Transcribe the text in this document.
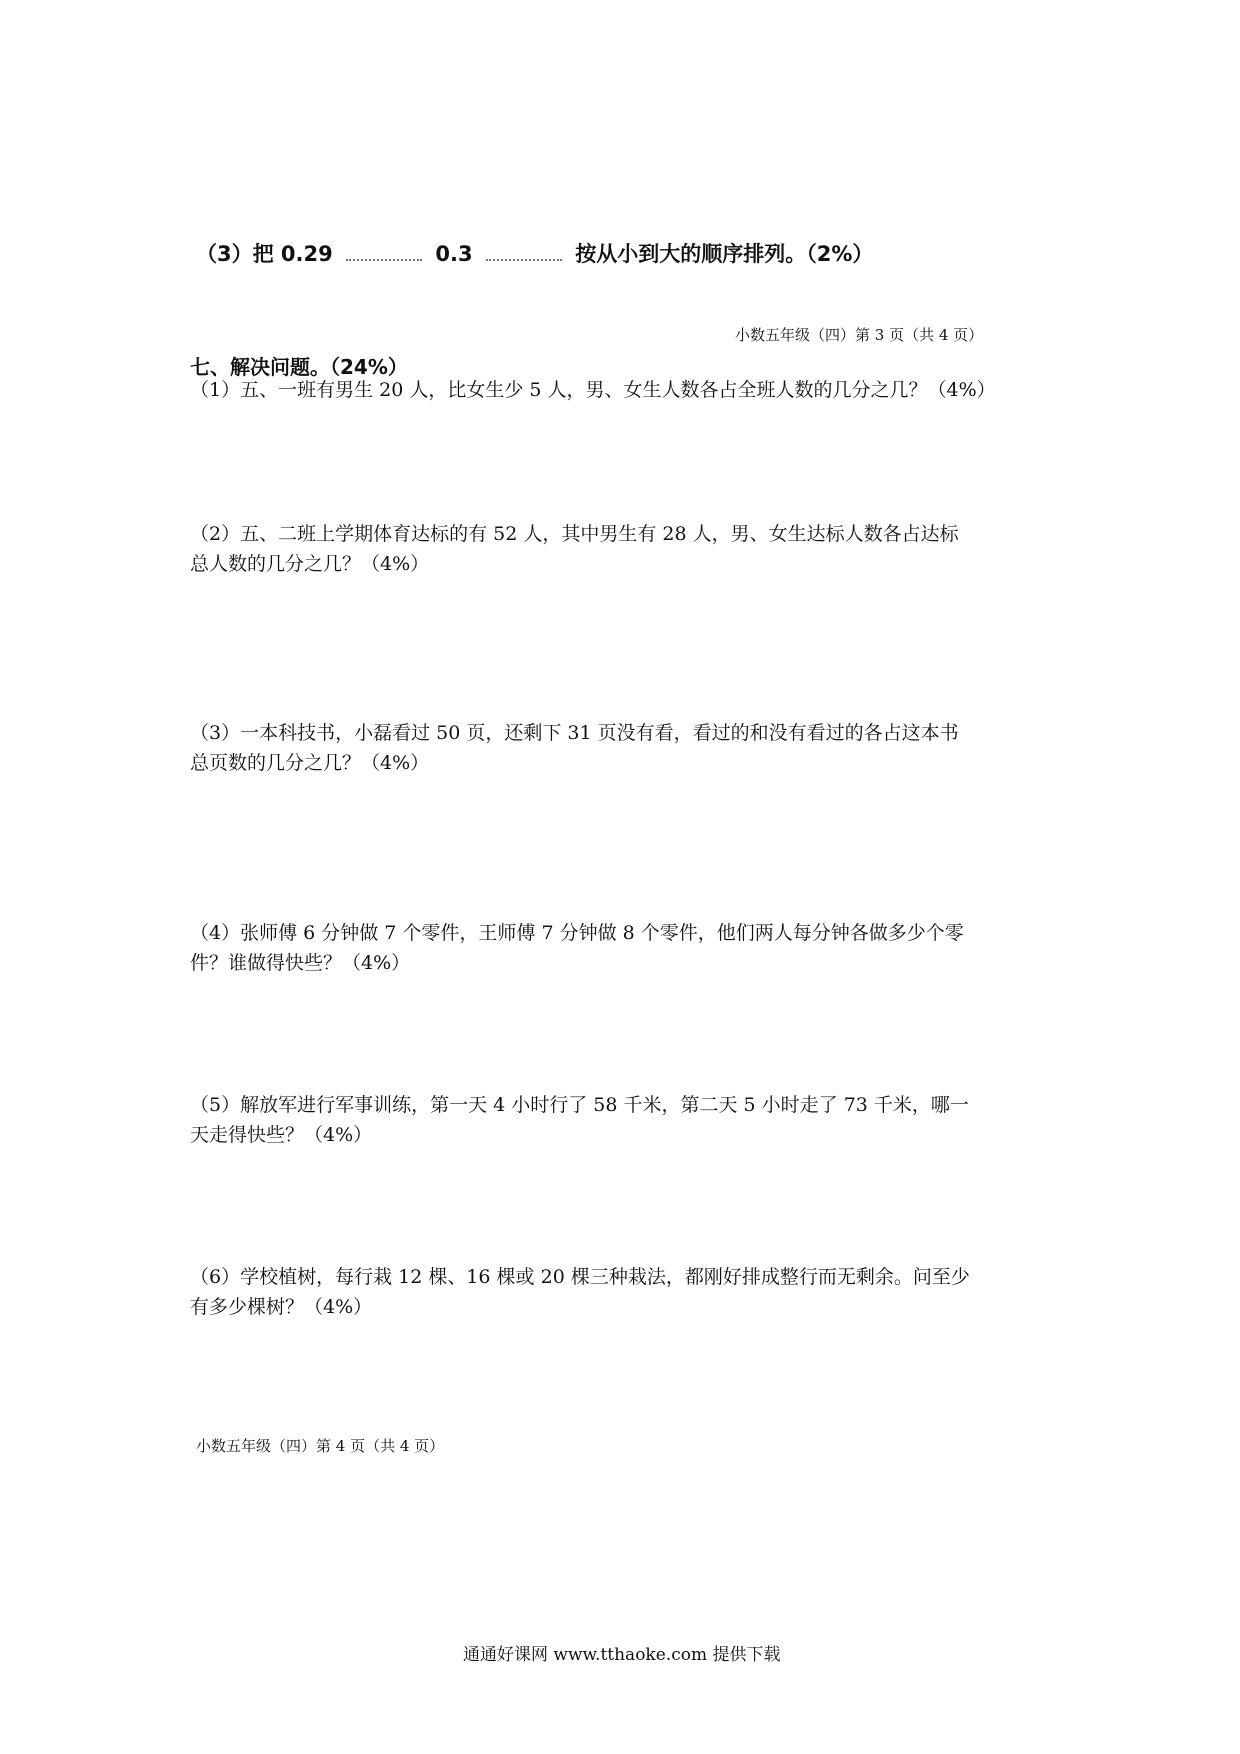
（3）把 0.29	0.3	按从小到大的顺序排列。（2%）
小数五年级（四）第 3 页（共 4 页）
七、解决问题。（24%）
（1）五、一班有男生 20 人，比女生少 5 人，男、女生人数各占全班人数的几分之几？（4%）
（2）五、二班上学期体育达标的有 52 人，其中男生有 28 人，男、女生达标人数各占达标
总人数的几分之几？（4%）
（3）一本科技书，小磊看过 50 页，还剩下 31 页没有看，看过的和没有看过的各占这本书
总页数的几分之几？（4%）
（4）张师傅 6 分钟做 7 个零件，王师傅 7 分钟做 8 个零件，他们两人每分钟各做多少个零
件？谁做得快些？（4%）
（5）解放军进行军事训练，第一天 4 小时行了 58 千米，第二天 5 小时走了 73 千米，哪一
天走得快些？（4%）
（6）学校植树，每行栽 12 棵、16 棵或 20 棵三种栽法，都刚好排成整行而无剩余。问至少
有多少棵树？（4%）
小数五年级（四）第 4 页（共 4 页）
通通好课网 www.tthaoke.com 提供下载
